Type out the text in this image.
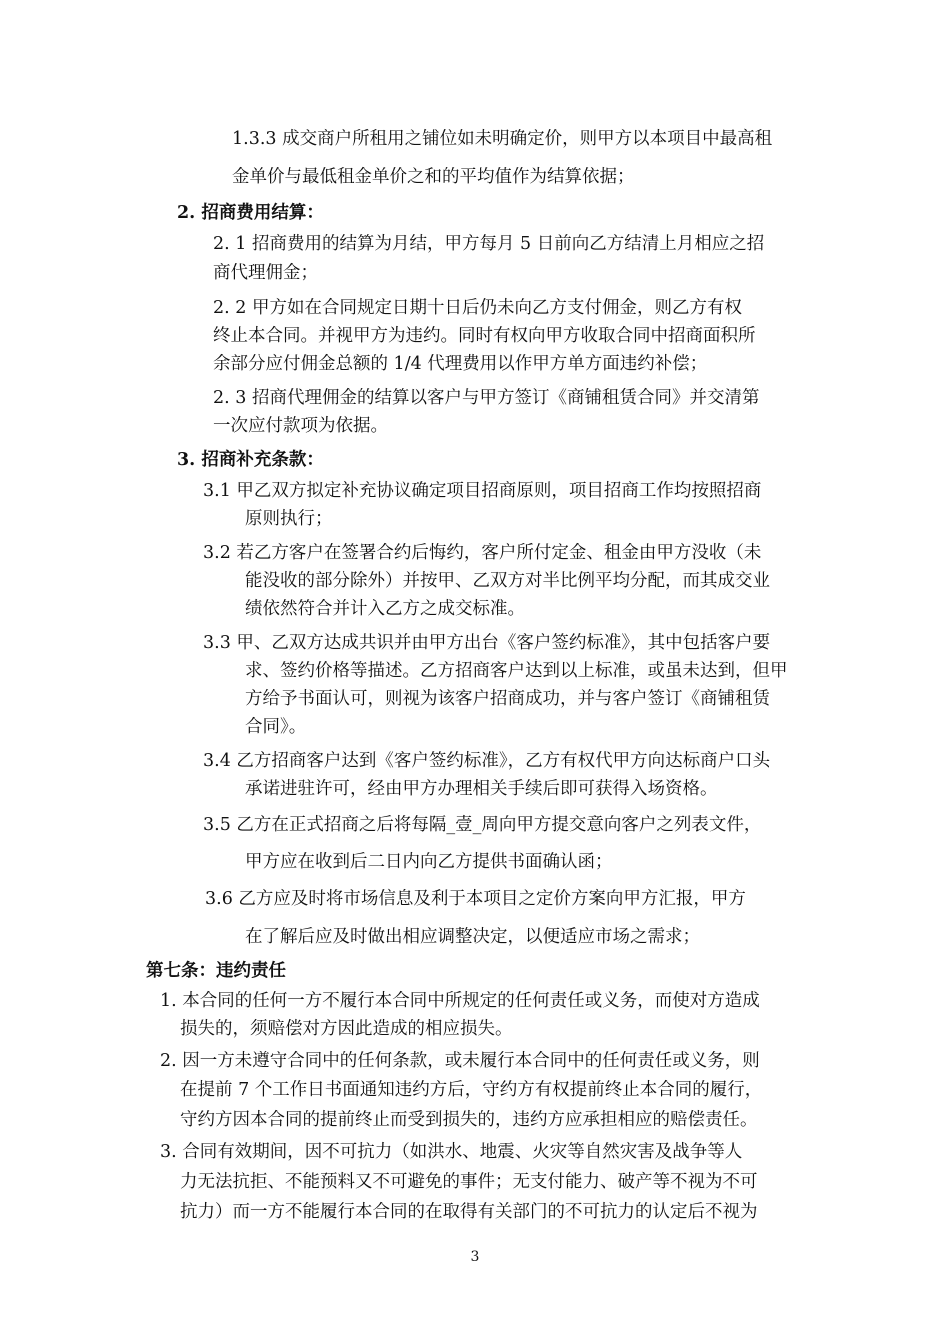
1.3.3 成交商户所租用之铺位如未明确定价，则甲方以本项目中最高租
金单价与最低租金单价之和的平均值作为结算依据；
2. 招商费用结算：
2. 1 招商费用的结算为月结，甲方每月 5 日前向乙方结清上月相应之招
商代理佣金；
2. 2 甲方如在合同规定日期十日后仍未向乙方支付佣金，则乙方有权
终止本合同。并视甲方为违约。同时有权向甲方收取合同中招商面积所
余部分应付佣金总额的 1/4 代理费用以作甲方单方面违约补偿；
2. 3 招商代理佣金的结算以客户与甲方签订《商铺租赁合同》并交清第
一次应付款项为依据。
3. 招商补充条款：
3.1 甲乙双方拟定补充协议确定项目招商原则，项目招商工作均按照招商
原则执行；
3.2 若乙方客户在签署合约后悔约，客户所付定金、租金由甲方没收（未
能没收的部分除外）并按甲、乙双方对半比例平均分配，而其成交业
绩依然符合并计入乙方之成交标准。
3.3 甲、乙双方达成共识并由甲方出台《客户签约标准》，其中包括客户要
求、签约价格等描述。乙方招商客户达到以上标准，或虽未达到，但甲
方给予书面认可，则视为该客户招商成功，并与客户签订《商铺租赁
合同》。
3.4 乙方招商客户达到《客户签约标准》，乙方有权代甲方向达标商户口头
承诺进驻许可，经由甲方办理相关手续后即可获得入场资格。
3.5 乙方在正式招商之后将每隔_壹_周向甲方提交意向客户之列表文件，
甲方应在收到后二日内向乙方提供书面确认函；
3.6 乙方应及时将市场信息及利于本项目之定价方案向甲方汇报，甲方
在了解后应及时做出相应调整决定，以便适应市场之需求；
第七条：违约责任
1. 本合同的任何一方不履行本合同中所规定的任何责任或义务，而使对方造成
损失的，须赔偿对方因此造成的相应损失。
2. 因一方未遵守合同中的任何条款，或未履行本合同中的任何责任或义务，则
在提前 7 个工作日书面通知违约方后，守约方有权提前终止本合同的履行，
守约方因本合同的提前终止而受到损失的，违约方应承担相应的赔偿责任。
3. 合同有效期间，因不可抗力（如洪水、地震、火灾等自然灾害及战争等人
力无法抗拒、不能预料又不可避免的事件；无支付能力、破产等不视为不可
抗力）而一方不能履行本合同的在取得有关部门的不可抗力的认定后不视为
3
